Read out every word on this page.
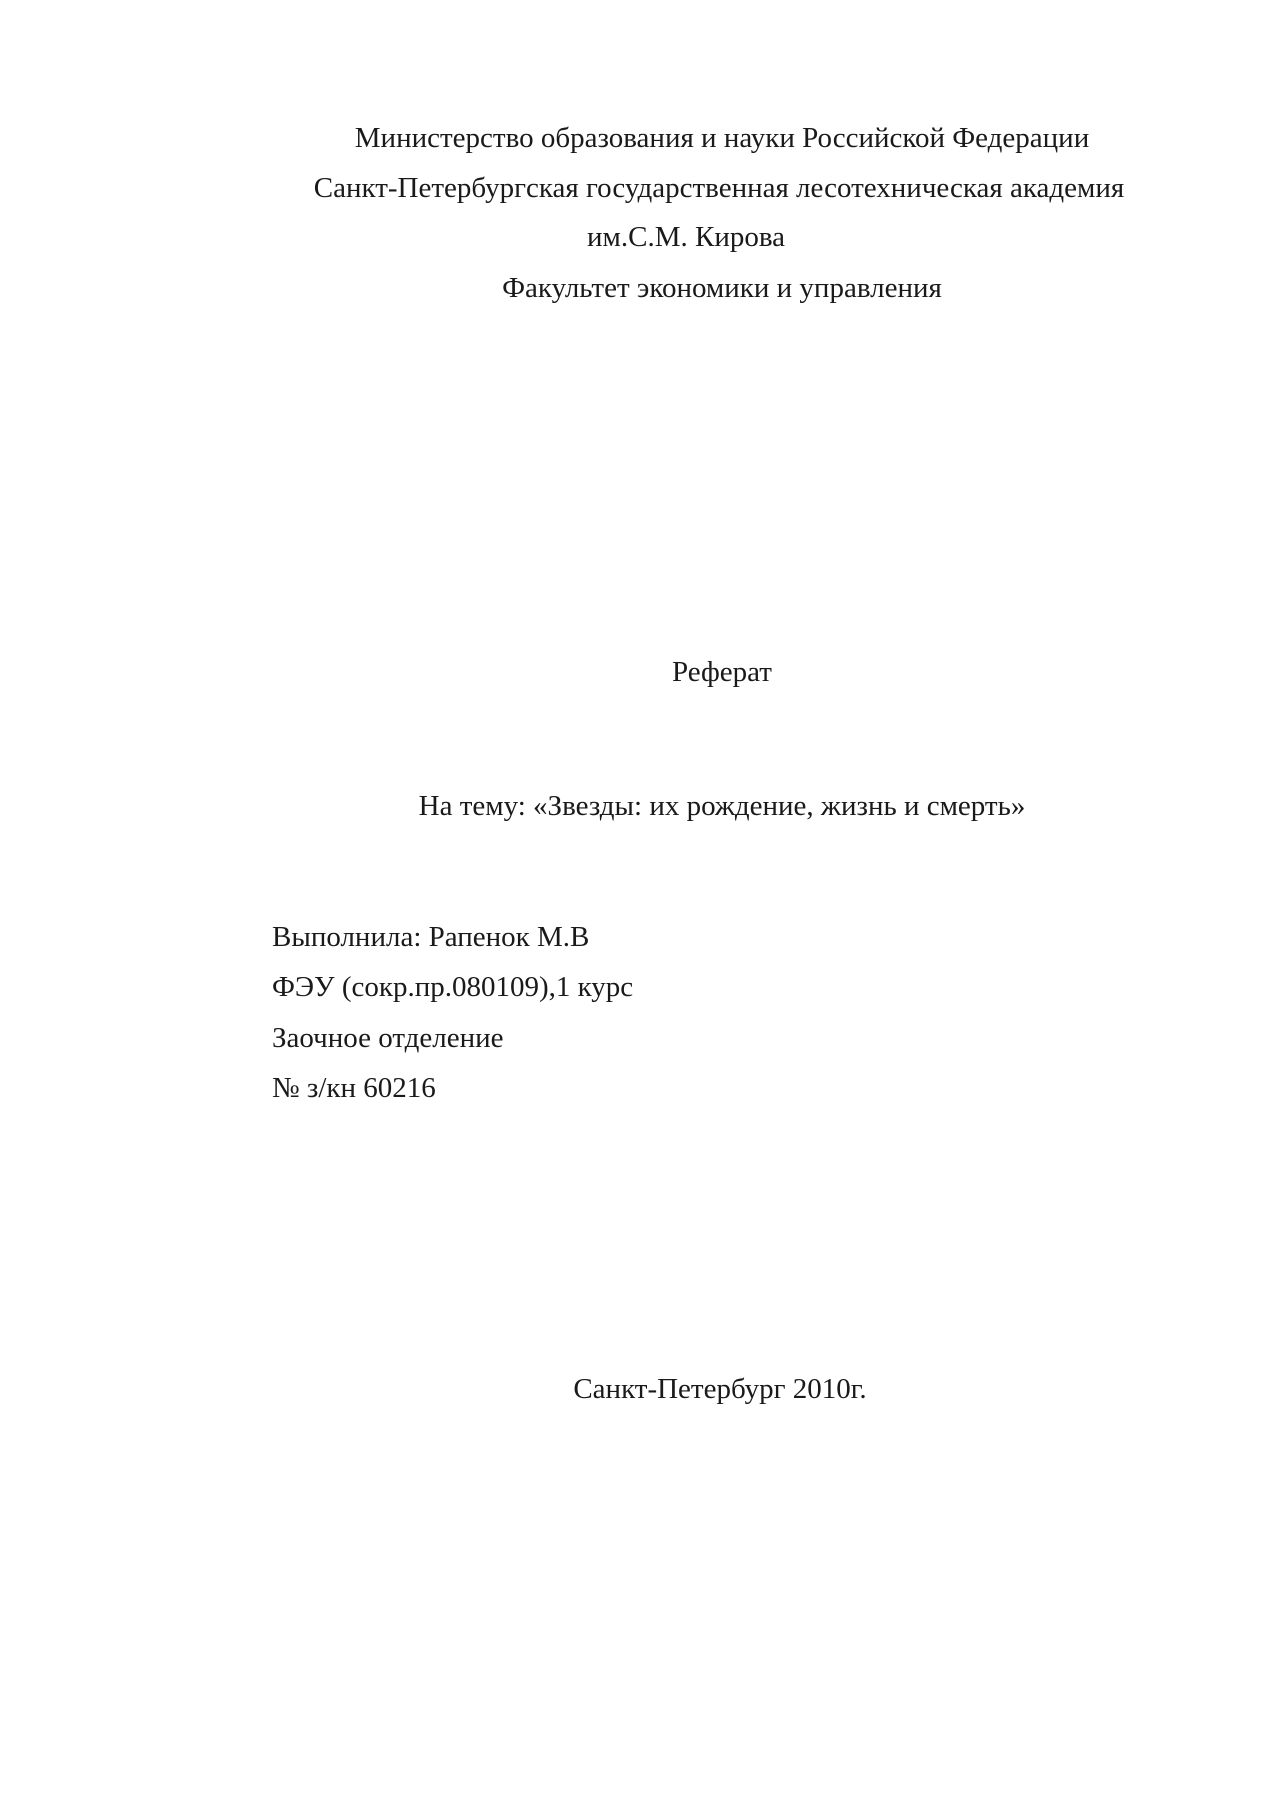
Министерство образования и науки Российской Федерации
Санкт-Петербургская государственная лесотехническая академия
им.С.М. Кирова
Факультет экономики и управления
Реферат
На тему: «Звезды: их рождение, жизнь и смерть»
Выполнила: Рапенок М.В
ФЭУ (сокр.пр.080109),1 курс
Заочное отделение
№ з/кн 60216
Санкт-Петербург 2010г.
